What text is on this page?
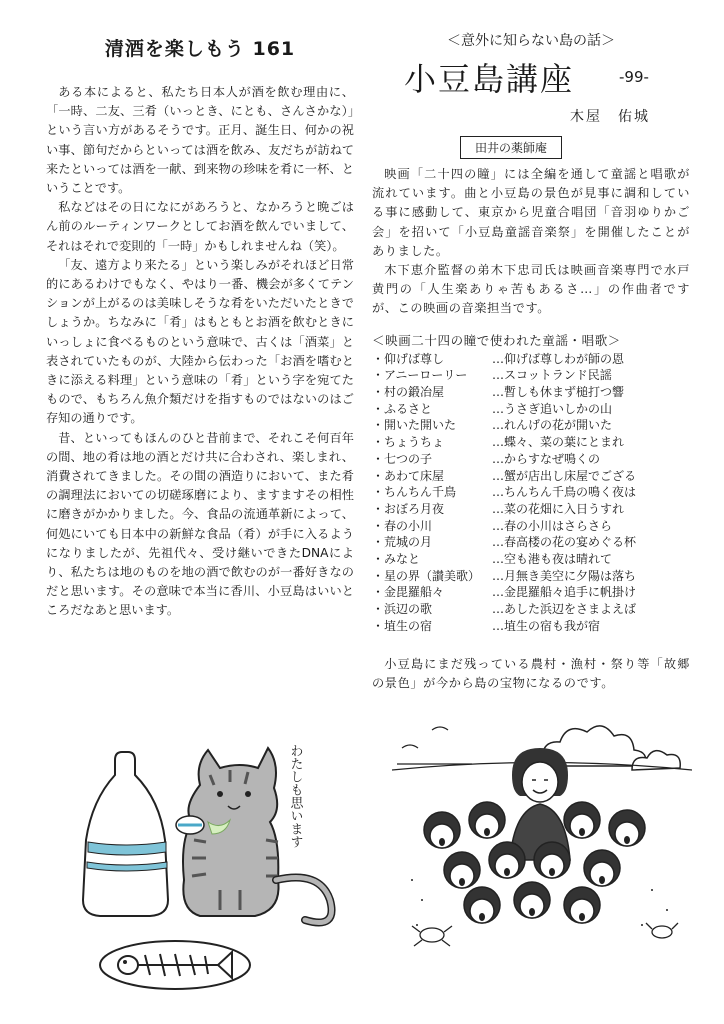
清酒を楽しもう 161

ある本によると、私たち日本人が酒を飲む理由に、「一時、二友、三肴（いっとき、にとも、さんさかな）」という言い方があるそうです。正月、誕生日、何かの祝い事、節句だからといっては酒を飲み、友だちが訪ねて来たといっては酒を一献、到来物の珍味を肴に一杯、ということです。

私などはその日になにがあろうと、なかろうと晩ごはん前のルーティンワークとしてお酒を飲んでいまして、それはそれで変則的「一時」かもしれませんね（笑）。

「友、遠方より来たる」という楽しみがそれほど日常的にあるわけでもなく、やはり一番、機会が多くてテンションが上がるのは美味しそうな肴をいただいたときでしょうか。ちなみに「肴」はもともとお酒を飲むときにいっしょに食べるものという意味で、古くは「酒菜」と表されていたものが、大陸から伝わった「お酒を嗜むときに添える料理」という意味の「肴」という字を宛てたもので、もちろん魚介類だけを指すものではないのはご存知の通りです。

昔、といってもほんのひと昔前まで、それこそ何百年の間、地の肴は地の酒とだけ共に合わされ、楽しまれ、消費されてきました。その間の酒造りにおいて、また肴の調理法においての切磋琢磨により、ますますその相性に磨きがかかりました。今、食品の流通革新によって、何処にいても日本中の新鮮な食品（肴）が手に入るようになりましたが、先祖代々、受け継いできたDNAにより、私たちは地のものを地の酒で飲むのが一番好きなのだと思います。その意味で本当に香川、小豆島はいいところだなあと思います。

わたしも思います

＜意外に知らない島の話＞

小豆島講座	-99-
木屋　佑城
田井の薬師庵

映画「二十四の瞳」には全編を通して童謡と唱歌が流れています。曲と小豆島の景色が見事に調和している事に感動して、東京から児童合唱団「音羽ゆりかご会」を招いて「小豆島童謡音楽祭」を開催したことがありました。

木下恵介監督の弟木下忠司氏は映画音楽専門で水戸黄門の「人生楽ありゃ苦もあるさ…」の作曲者ですが、この映画の音楽担当です。

＜映画二十四の瞳で使われた童謡・唱歌＞
・仰げば尊し	…仰げば尊しわが師の恩
・アニーローリー	…スコットランド民謡
・村の鍛冶屋	…暫しも休まず槌打つ響
・ふるさと	…うさぎ追いしかの山
・開いた開いた	…れんげの花が開いた
・ちょうちょ	…蝶々、菜の葉にとまれ
・七つの子	…からすなぜ鳴くの
・あわて床屋	…蟹が店出し床屋でござる
・ちんちん千鳥	…ちんちん千鳥の鳴く夜は
・おぼろ月夜	…菜の花畑に入日うすれ
・春の小川	…春の小川はさらさら
・荒城の月	…春高楼の花の宴めぐる杯
・みなと	…空も港も夜は晴れて
・星の界（讃美歌） …月無き美空に夕陽は落ち
・金毘羅船々	…金毘羅船々追手に帆掛け
・浜辺の歌	…あした浜辺をさまよえば
・埴生の宿	…埴生の宿も我が宿

小豆島にまだ残っている農村・漁村・祭り等「故郷の景色」が今から島の宝物になるのです。
